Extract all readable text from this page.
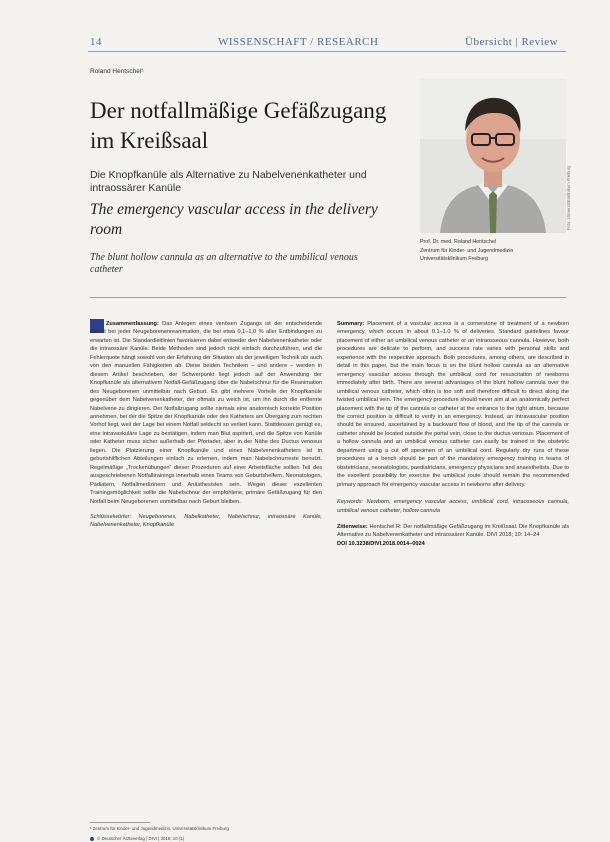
14	WISSENSCHAFT / RESEARCH	Übersicht | Review
Roland Hentschel¹
Der notfallmäßige Gefäßzugang im Kreißsaal
Die Knopfkanüle als Alternative zu Nabelvenenkatheter und intraossärer Kanüle
The emergency vascular access in the delivery room
The blunt hollow cannula as an alternative to the umbilical venous catheter
Foto: Universitätsklinikum Freiburg
Prof. Dr. med. Roland Hentschel
Zentrum für Kinder- und Jugendmedizin
Universitätsklinikum Freiburg
Zusammenfassung: Das Anlegen eines venösen Zugangs ist der entscheidende Schritt bei jeder Neugeborenenreanimation, die bei etwa 0,1–1,0 % aller Entbindungen zu erwarten ist. Die Standardleitlinien favorisieren dabei entweder den Nabelvenenkatheter oder die intraossäre Kanüle. Beide Methoden sind jedoch nicht einfach durchzuführen, und die Fehlerquote hängt sowohl von der Erfahrung der Situation als der jeweiligen Technik als auch von den manuellen Fähigkeiten ab. Diese beiden Techniken – und andere – werden in diesem Artikel beschrieben, der Schwerpunkt liegt jedoch auf der Anwendung der Knopfkanüle als alternativem Notfall-Gefäßzugang über die Nabelschnur für die Reanimation des Neugeborenen unmittelbar nach Geburt. Es gibt mehrere Vorteile der Knopfkanüle gegenüber dem Nabelvenenkatheter, der oftmals zu weich ist, um ihn durch die entfernte Nabelvene zu dirigieren. Der Notfallzugang sollte niemals eine anatomisch korrekte Position annehmen, bei der die Spitze der Knopfkanüle oder des Katheters am Übergang zum rechten Vorhof liegt, weil der Lage bei einem Notfall seldecht so verliert kann. Stattdessen genügt es, eine intravaskuläre Lage zu bestätigen, indem man Blut aspiriert, und die Spitze von Kanüle oder Katheter muss sicher außerhalb der Pfortader, aber in der Nähe des Ductus venosus liegen. Die Platzierung einer Knopfkanüle und eines Nabelvenenkatheters ist in geburtshilflichen Abteilungen einfach zu erlernen, indem man Nabelschnurreste benutzt. Regelmäßige „Trockenübungen“ dieser Prozeduren auf einer Arbeitsfläche sollten Teil des ausgeschriebenen Notfalltrainings innerhalb eines Teams von Geburtshelfern, Neonatologen, Pädiatern, Notfallmedizinern und Anästhesisten sein. Wegen dieser exzellenten Trainingsmöglichkeit sollte die Nabelschnur der empfohlene, primäre Gefäßzugang für den Notfall beim Neugeborenen unmittelbar nach Geburt bleiben.
Schlüsselwörter: Neugeborenes, Nabelkatheter, Nabelschnur, intraossäre Kanüle, Nabelvenenkatheter, Knopfkanüle
Summary: Placement of a vascular access is a cornerstone of treatment of a newborn emergency, which occurs in about 0.1–1.0 % of deliveries. Standard guidelines favour placement of either an umbilical venous catheter or an intraosseous cannula. However, both procedures are delicate to perform, and success rate varies with personal skills and experience with the respective approach. Both procedures, among others, are described in detail in this paper, but the main focus is on the blunt hollow cannula as an alternative emergency vascular access through the umbilical cord for resuscitation of newborns immediately after birth. There are several advantages of the blunt hollow cannula over the umbilical venous catheter, which often is too soft and therefore difficult to direct along the twisted umbilical vein. The emergency procedure should never aim at an anatomically perfect placement with the tip of the cannula or catheter at the entrance to the right atrium, because the correct position is difficult to verify in an emergency. Instead, an intravascular position should be ensured, ascertained by a backward flow of blood, and the tip of the cannula or catheter should be located outside the portal vein, close to the ductus venosus. Placement of a hollow cannula and an umbilical venous catheter can easily be trained in the obstetric department using a cut off specimen of an umbilical cord. Regularly dry runs of these procedures at a bench should be part of the mandatory emergency training in teams of obstetricians, neonatologists, paediatricians, emergency physicians and anaesthetists. Due to the excellent possibility for exercise the umbilical route should remain the recommended primary approach for emergency vascular access in newborns after delivery.
Keywords: Newborn, emergency vascular access, umbilical cord, intraosseous cannula, umbilical venous catheter, hollow cannula
Zitierweise: Hentschel R: Der notfallmäßige Gefäßzugang im Kreißsaal. Die Knopfkanüle als Alternative zu Nabelvenenkatheter und intraossärer Kanüle. DIVI 2018; 10: 14–24
DOI 10.3238/DIVI.2018.0014–0024
¹ Zentrum für Kinder- und Jugendmedizin, Universitätsklinikum Freiburg
© Deutscher Ärzteverlag | DIVI | 2018; 10 (1)
